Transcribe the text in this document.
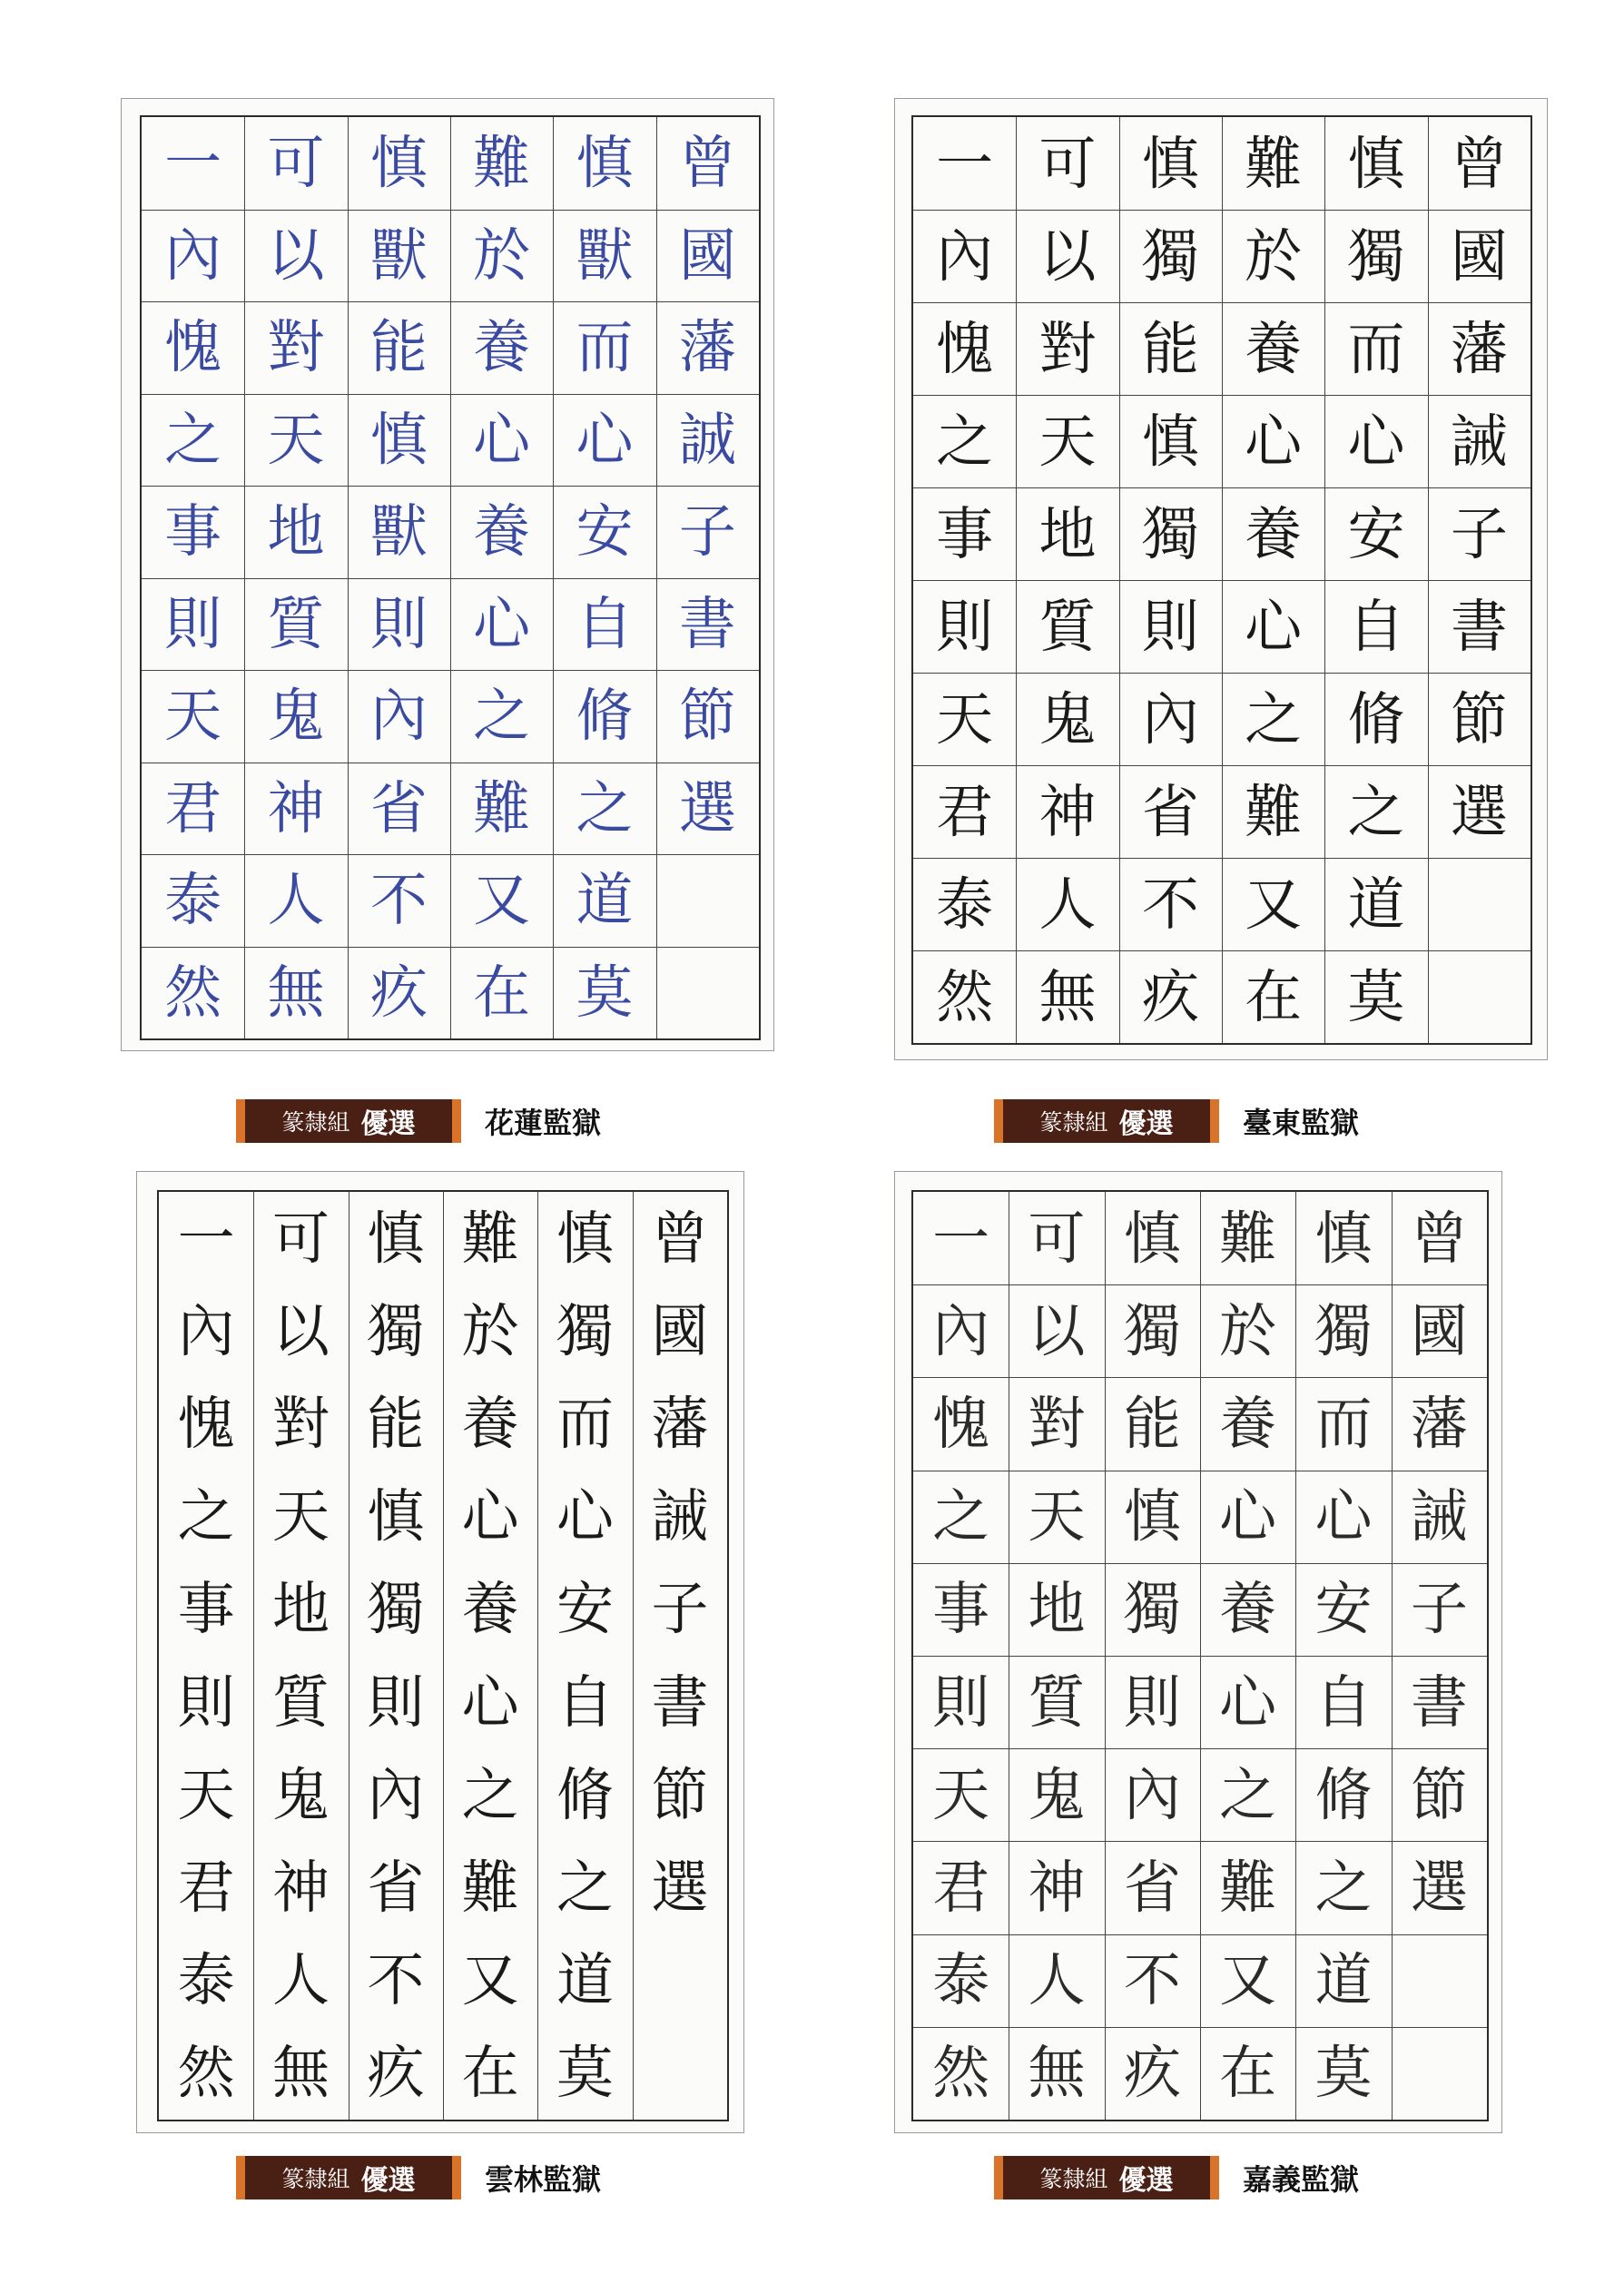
曾
國
藩
誠
子
書
節
選
慎
獸
而
心
安
自
脩
之
道
莫
難
於
養
心
養
心
之
難
又
在
慎
獸
能
慎
獸
則
內
省
不
疚
可
以
對
天
地
質
鬼
神
人
無
一
內
愧
之
事
則
天
君
泰
然
篆隸組 優選 花蓮監獄
曾
國
藩
誡
子
書
節
選
慎
獨
而
心
安
自
脩
之
道
莫
難
於
養
心
養
心
之
難
又
在
慎
獨
能
慎
獨
則
內
省
不
疚
可
以
對
天
地
質
鬼
神
人
無
一
內
愧
之
事
則
天
君
泰
然
篆隸組 優選 臺東監獄
曾
國
藩
誡
子
書
節
選
慎
獨
而
心
安
自
脩
之
道
莫
難
於
養
心
養
心
之
難
又
在
慎
獨
能
慎
獨
則
內
省
不
疚
可
以
對
天
地
質
鬼
神
人
無
一
內
愧
之
事
則
天
君
泰
然
篆隸組 優選 雲林監獄
曾
國
藩
誡
子
書
節
選
慎
獨
而
心
安
自
脩
之
道
莫
難
於
養
心
養
心
之
難
又
在
慎
獨
能
慎
獨
則
內
省
不
疚
可
以
對
天
地
質
鬼
神
人
無
一
內
愧
之
事
則
天
君
泰
然
篆隸組 優選 嘉義監獄
